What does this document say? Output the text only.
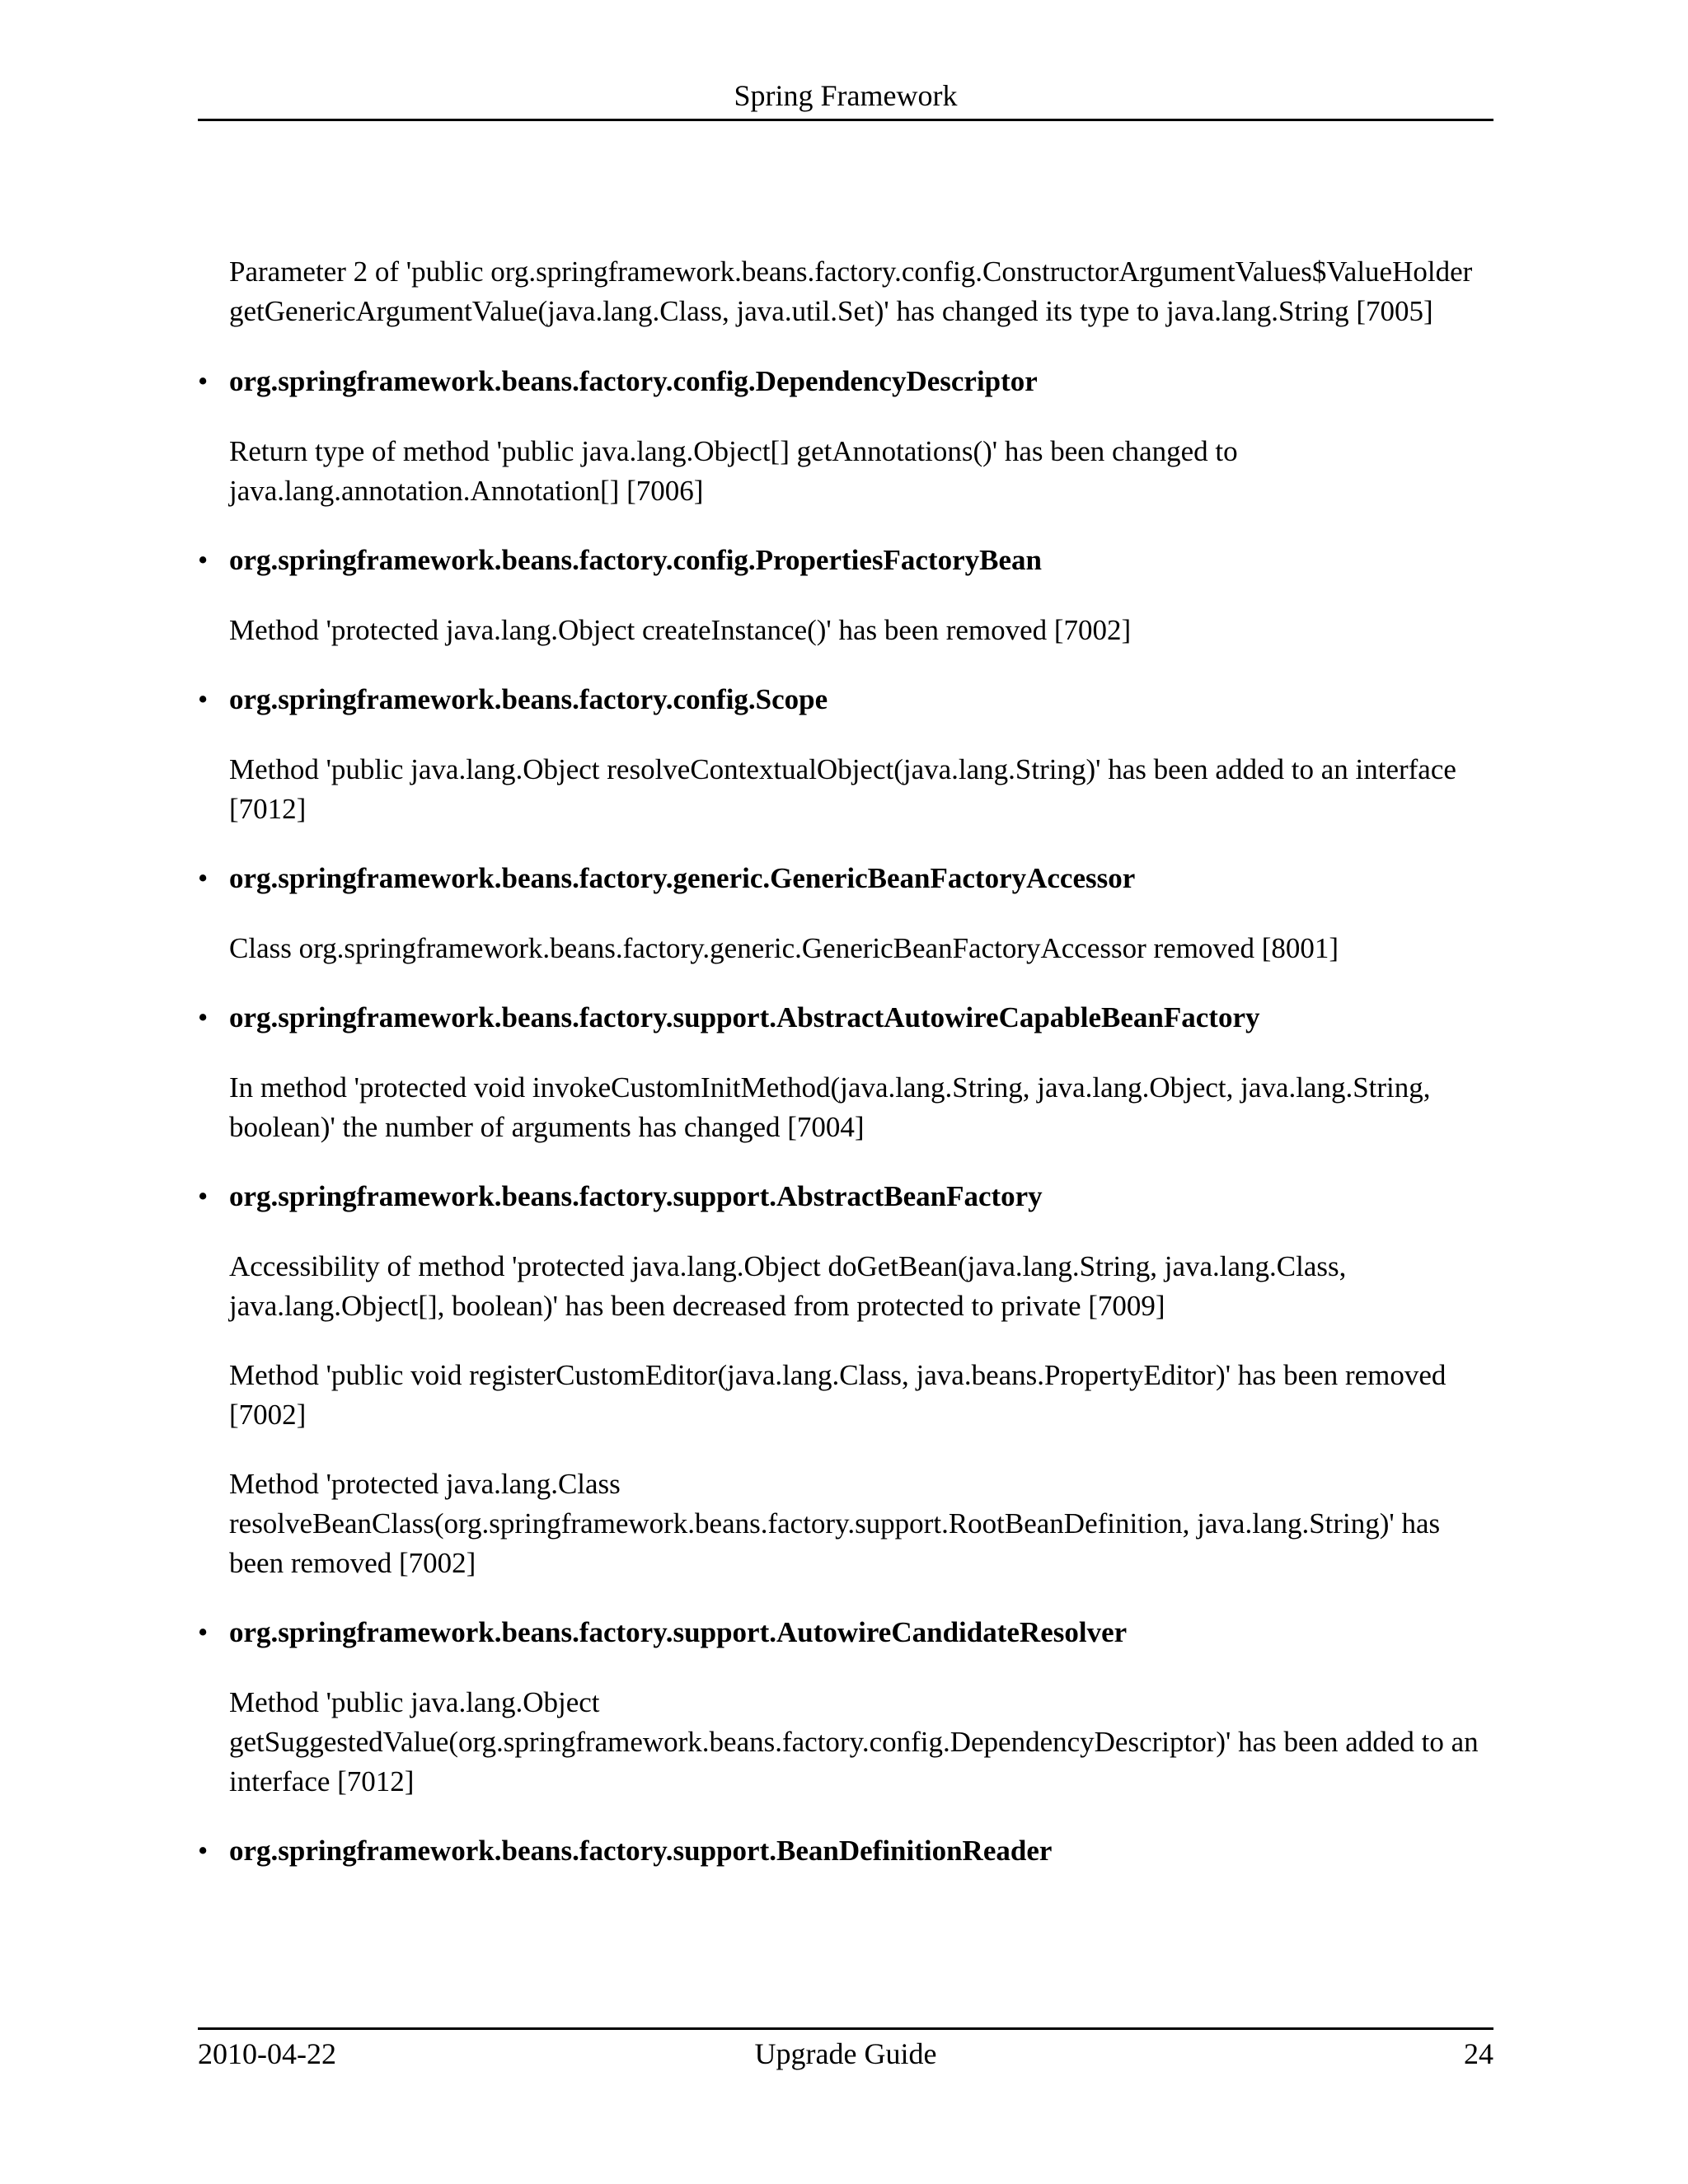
Spring Framework

Parameter 2 of 'public org.springframework.beans.factory.config.ConstructorArgumentValues$ValueHolder getGenericArgumentValue(java.lang.Class, java.util.Set)' has changed its type to java.lang.String [7005]

• org.springframework.beans.factory.config.DependencyDescriptor

Return type of method 'public java.lang.Object[] getAnnotations()' has been changed to java.lang.annotation.Annotation[] [7006]

• org.springframework.beans.factory.config.PropertiesFactoryBean

Method 'protected java.lang.Object createInstance()' has been removed [7002]

• org.springframework.beans.factory.config.Scope

Method 'public java.lang.Object resolveContextualObject(java.lang.String)' has been added to an interface [7012]

• org.springframework.beans.factory.generic.GenericBeanFactoryAccessor

Class org.springframework.beans.factory.generic.GenericBeanFactoryAccessor removed [8001]

• org.springframework.beans.factory.support.AbstractAutowireCapableBeanFactory

In method 'protected void invokeCustomInitMethod(java.lang.String, java.lang.Object, java.lang.String, boolean)' the number of arguments has changed [7004]

• org.springframework.beans.factory.support.AbstractBeanFactory

Accessibility of method 'protected java.lang.Object doGetBean(java.lang.String, java.lang.Class, java.lang.Object[], boolean)' has been decreased from protected to private [7009]

Method 'public void registerCustomEditor(java.lang.Class, java.beans.PropertyEditor)' has been removed [7002]

Method 'protected java.lang.Class resolveBeanClass(org.springframework.beans.factory.support.RootBeanDefinition, java.lang.String)' has been removed [7002]

• org.springframework.beans.factory.support.AutowireCandidateResolver

Method 'public java.lang.Object getSuggestedValue(org.springframework.beans.factory.config.DependencyDescriptor)' has been added to an interface [7012]

• org.springframework.beans.factory.support.BeanDefinitionReader
2010-04-22	Upgrade Guide	24
